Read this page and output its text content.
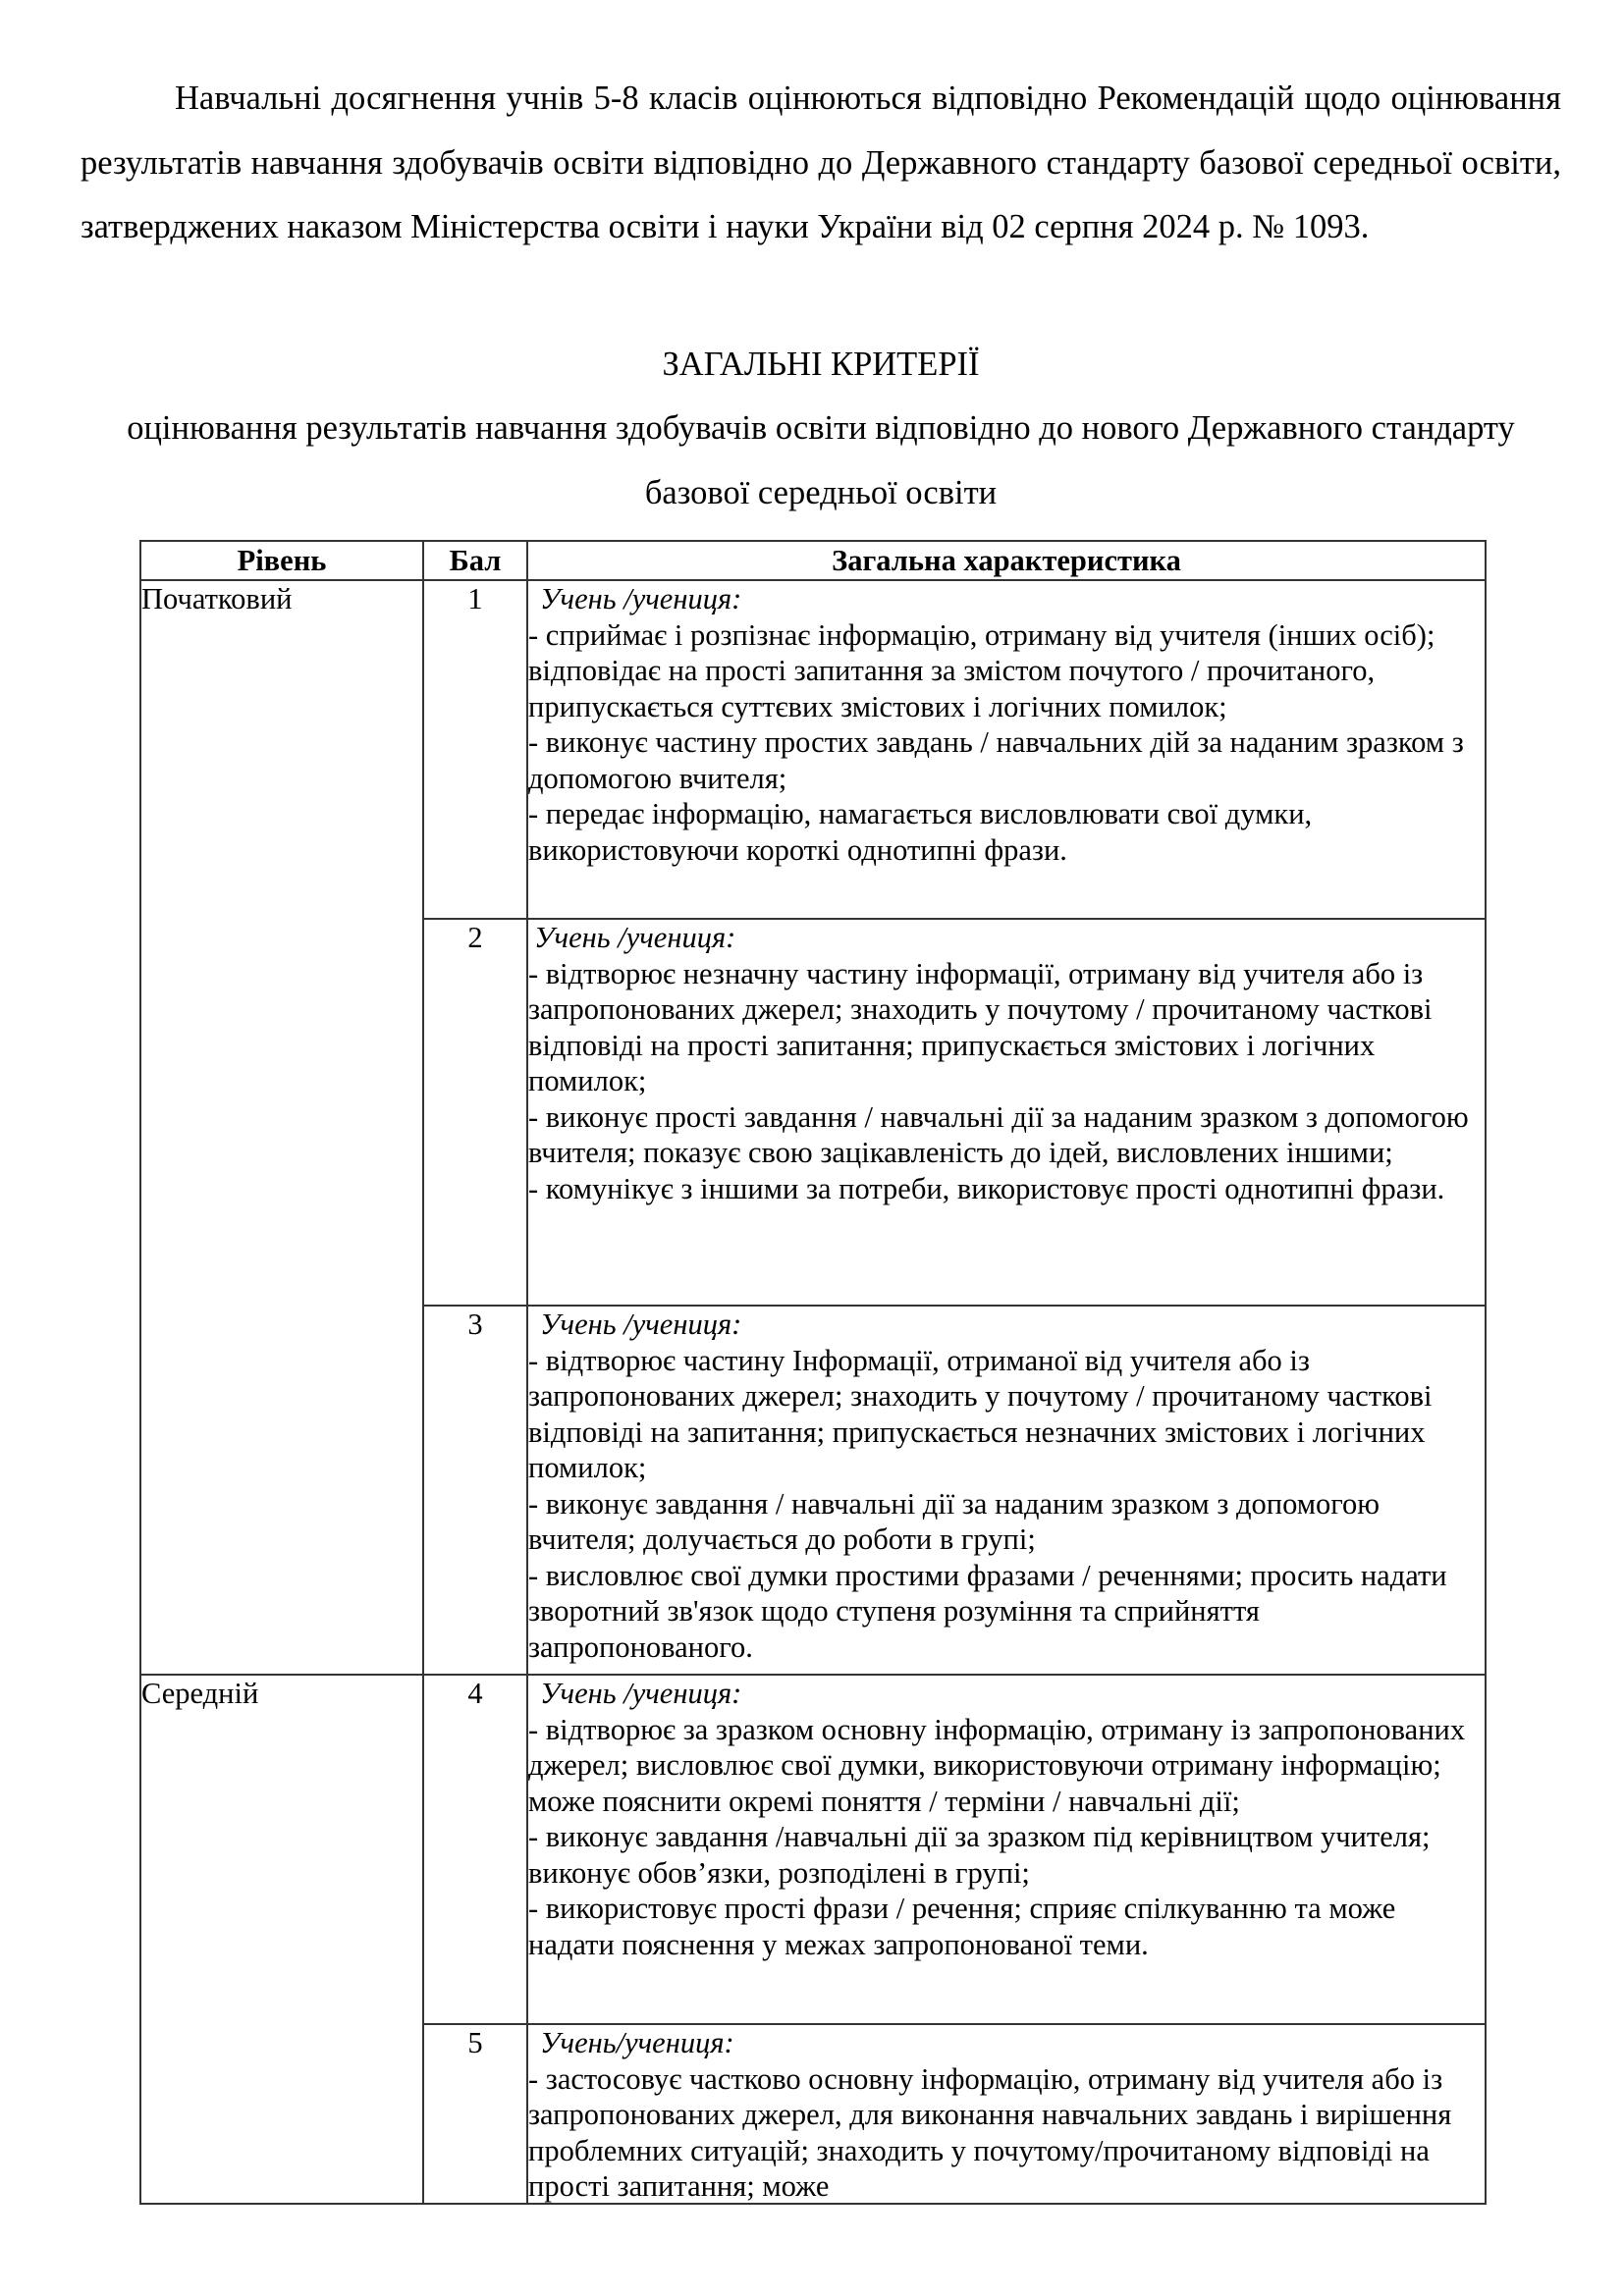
Навчальні досягнення учнів 5-8 класів оцінюються відповідно Рекомендацій щодо оцінювання результатів навчання здобувачів освіти відповідно до Державного стандарту базової середньої освіти, затверджених наказом Міністерства освіти і науки України від 02 серпня 2024 р. № 1093.

ЗАГАЛЬНІ КРИТЕРІЇ

оцінювання результатів навчання здобувачів освіти відповідно до нового Державного стандарту базової середньої освіти

Рівень	Бал	Загальна характеристика
Початковий	1	Учень /учениця:
- сприймає і розпізнає інформацію, отриману від учителя (інших осіб); відповідає на прості запитання за змістом почутого / прочитаного, припускається суттєвих змістових і логічних помилок;
- виконує частину простих завдань / навчальних дій за наданим зразком з допомогою вчителя;
- передає інформацію, намагається висловлювати свої думки, використовуючи короткі однотипні фрази.

	2	Учень /учениця:
- відтворює незначну частину інформації, отриману від учителя або із запропонованих джерел; знаходить у почутому / прочитаному часткові відповіді на прості запитання; припускається змістових і логічних помилок;
- виконує прості завдання / навчальні дії за наданим зразком з допомогою вчителя; показує свою зацікавленість до ідей, висловлених іншими;
- комунікує з іншими за потреби, використовує прості однотипні фрази.

	3	Учень /учениця:
- відтворює частину Інформації, отриманої від учителя або із запропонованих джерел; знаходить у почутому / прочитаному часткові відповіді на запитання; припускається незначних змістових і логічних помилок;
- виконує завдання / навчальні дії за наданим зразком з допомогою вчителя; долучається до роботи в групі;
- висловлює свої думки простими фразами / реченнями; просить надати зворотний зв'язок щодо ступеня розуміння та сприйняття запропонованого.

Середній	4	Учень /учениця:
- відтворює за зразком основну інформацію, отриману із запропонованих джерел; висловлює свої думки, використовуючи отриману інформацію; може пояснити окремі поняття / терміни / навчальні дії;
- виконує завдання /навчальні дії за зразком під керівництвом учителя; виконує обов’язки, розподілені в групі;
- використовує прості фрази / речення; сприяє спілкуванню та може надати пояснення у межах запропонованої теми.

	5	Учень/учениця:
- застосовує частково основну інформацію, отриману від учителя або із запропонованих джерел, для виконання навчальних завдань і вирішення проблемних ситуацій; знаходить у почутому/прочитаному відповіді на прості запитання; може
